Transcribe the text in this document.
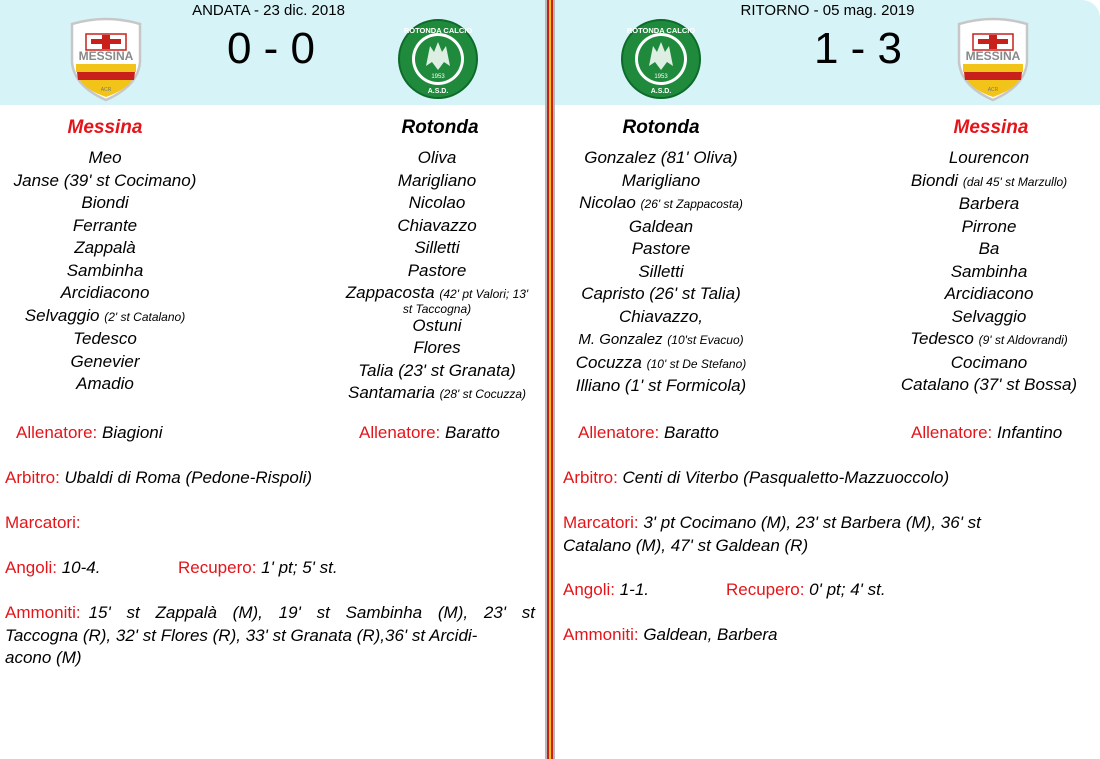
ANDATA - 23 dic. 2018
0 - 0
Messina	Rotonda
Meo
Janse (39' st Cocimano)
Biondi
Ferrante
Zappalà
Sambinha
Arcidiacono
Selvaggio (2' st Catalano)
Tedesco
Genevier
Amadio
Oliva
Marigliano
Nicolao
Chiavazzo
Silletti
Pastore
Zappacosta (42' pt Valori; 13'
st Taccogna)
Ostuni
Flores
Talia (23' st Granata)
Santamaria (28' st Cocuzza)
Allenatore: Biagioni	Allenatore: Baratto
Arbitro: Ubaldi di Roma (Pedone-Rispoli)
Marcatori:
Angoli: 10-4.	Recupero: 1' pt; 5' st.
Ammoniti: 15' st Zappalà (M), 19' st Sambinha (M), 23' st
Taccogna (R), 32' st Flores (R), 33' st Granata (R),36' st Arcidi-
acono (M)
RITORNO - 05 mag. 2019
1 - 3
Rotonda	Messina
Gonzalez (81' Oliva)
Marigliano
Nicolao (26' st Zappacosta)
Galdean
Pastore
Silletti
Capristo (26' st Talia)
Chiavazzo,
M. Gonzalez (10'st Evacuo)
Cocuzza (10' st De Stefano)
Illiano (1' st Formicola)
Lourencon
Biondi (dal 45' st Marzullo)
Barbera
Pirrone
Ba
Sambinha
Arcidiacono
Selvaggio
Tedesco (9' st Aldovrandi)
Cocimano
Catalano (37' st Bossa)
Allenatore: Baratto	Allenatore: Infantino
Arbitro: Centi di Viterbo (Pasqualetto-Mazzuoccolo)
Marcatori: 3' pt Cocimano (M), 23' st Barbera (M), 36' st
Catalano (M), 47' st Galdean (R)
Angoli: 1-1.	Recupero: 0' pt; 4' st.
Ammoniti: Galdean, Barbera
